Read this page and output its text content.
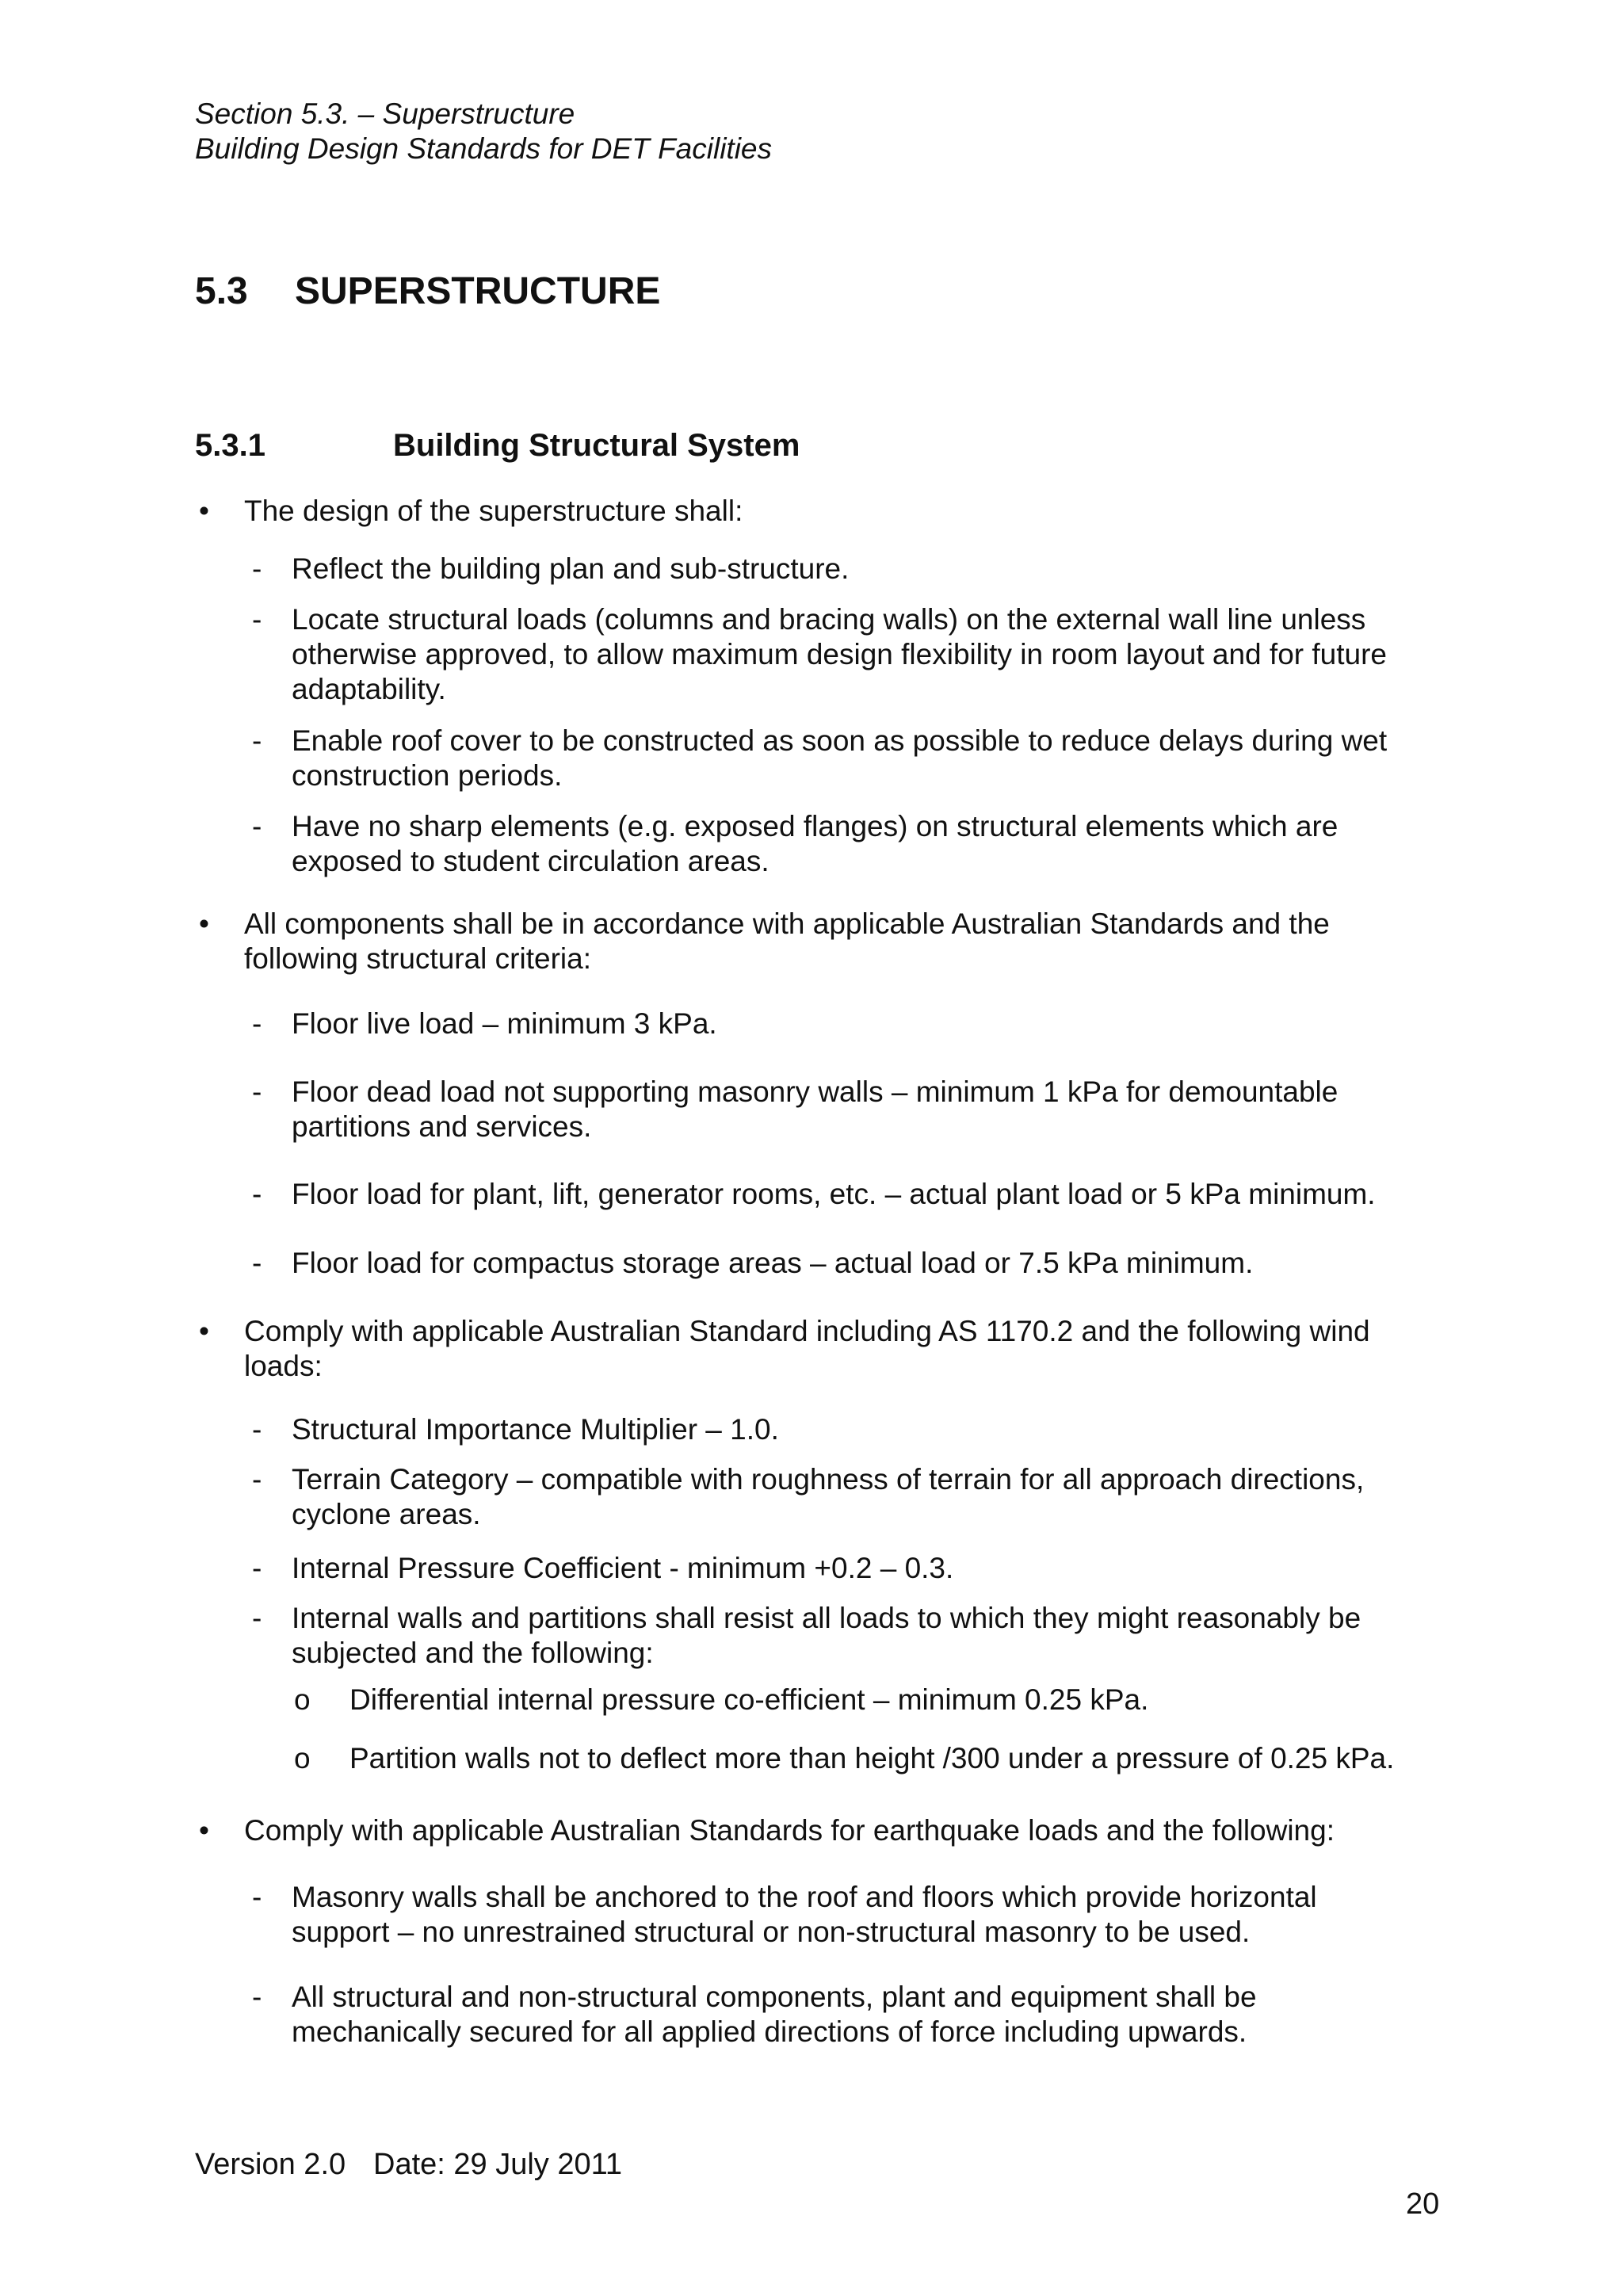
Section 5.3. – Superstructure
Building Design Standards for DET Facilities
5.3 SUPERSTRUCTURE
5.3.1	Building Structural System
• The design of the superstructure shall:
- Reflect the building plan and sub-structure.
- Locate structural loads (columns and bracing walls) on the external wall line unless
otherwise approved, to allow maximum design flexibility in room layout and for future
adaptability.
- Enable roof cover to be constructed as soon as possible to reduce delays during wet
construction periods.
- Have no sharp elements (e.g. exposed flanges) on structural elements which are
exposed to student circulation areas.
• All components shall be in accordance with applicable Australian Standards and the
following structural criteria:
- Floor live load – minimum 3 kPa.
- Floor dead load not supporting masonry walls – minimum 1 kPa for demountable
partitions and services.
- Floor load for plant, lift, generator rooms, etc. – actual plant load or 5 kPa minimum.
- Floor load for compactus storage areas – actual load or 7.5 kPa minimum.
• Comply with applicable Australian Standard including AS 1170.2 and the following wind
loads:
- Structural Importance Multiplier – 1.0.
- Terrain Category – compatible with roughness of terrain for all approach directions,
cyclone areas.
- Internal Pressure Coefficient - minimum +0.2 – 0.3.
- Internal walls and partitions shall resist all loads to which they might reasonably be
subjected and the following:
o Differential internal pressure co-efficient – minimum 0.25 kPa.
o Partition walls not to deflect more than height /300 under a pressure of 0.25 kPa.
• Comply with applicable Australian Standards for earthquake loads and the following:
- Masonry walls shall be anchored to the roof and floors which provide horizontal
support – no unrestrained structural or non-structural masonry to be used.
- All structural and non-structural components, plant and equipment shall be
mechanically secured for all applied directions of force including upwards.
Version 2.0 Date: 29 July 2011
20
